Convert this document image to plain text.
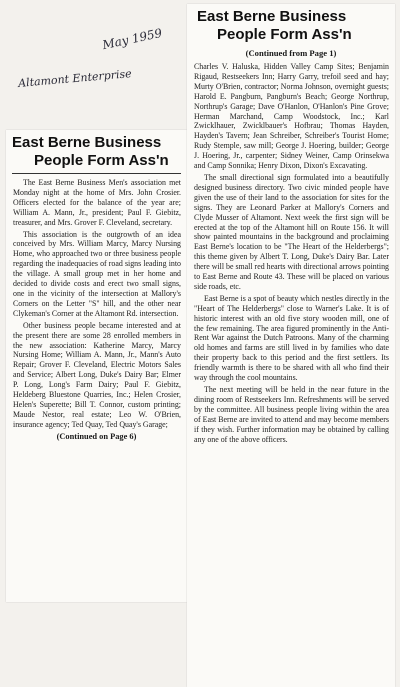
May 1959
Altamont Enterprise
East Berne Business
People Form Ass'n

The East Berne Business Men's association met Monday night at the home of Mrs. John Crosier. Officers elected for the balance of the year are; William A. Mann, Jr., president; Paul F. Giebitz, treasurer, and Mrs. Grover F. Cleveland, secretary.

This association is the outgrowth of an idea conceived by Mrs. William Marcy, Marcy Nursing Home, who approached two or three business people regarding the inadequacies of road signs leading into the village. A small group met in her home and decided to divide costs and erect two small signs, one in the vicinity of the intersection at Mallory's Corners on the Letter "S" hill, and the other near Clykeman's Corner at the Altamont Rd. intersection.

Other business people became interested and at the present there are some 28 enrolled members in the new association: Katherine Marcy, Marcy Nursing Home; William A. Mann, Jr., Mann's Auto Repair; Grover F. Cleveland, Electric Motors Sales and Service; Albert Long, Duke's Dairy Bar; Elmer P. Long, Long's Farm Dairy; Paul F. Giebitz, Heldeberg Bluestone Quarries, Inc.; Helen Crosier, Helen's Superette; Bill T. Connor, custom printing; Maude Nestor, real estate; Leo W. O'Brien, insurance agency; Ted Quay, Ted Quay's Garage;

(Continued on Page 6)
East Berne Business
People Form Ass'n
(Continued from Page 1)

Charles V. Haluska, Hidden Valley Camp Sites; Benjamin Rigaud, Restseekers Inn; Harry Garry, trefoil seed and hay; Murty O'Brien, contractor; Norma Johnson, overnight guests; Harold E. Pangburn, Pangburn's Beach; George Northrup, Northrup's Garage; Dave O'Hanlon, O'Hanlon's Pine Grove; Herman Marchand, Camp Woodstock, Inc.; Karl Zwicklhauer, Zwicklbauer's Hofbrau; Thomas Hayden, Hayden's Tavern; Jean Schreiber, Schreiber's Tourist Home; Rudy Stemple, saw mill; George J. Hoering, builder; George J. Hoering, Jr., carpenter; Sidney Weiner, Camp Orinsekwa and Camp Sonnika; Henry Dixon, Dixon's Excavating.

The small directional sign formulated into a beautifully designed business directory. Two civic minded people have given the use of their land to the association for sites for the signs. They are Leonard Parker at Mallory's Corners and Clyde Musser of Altamont. Next week the first sign will be erected at the top of the Altamont hill on Route 156. It will show painted mountains in the background and proclaiming East Berne's location to be "The Heart of the Helderbergs"; this theme given by Albert T. Long, Duke's Dairy Bar. Later there will be small red hearts with directional arrows pointing to East Berne and Route 43. These will be placed on various side roads, etc.

East Berne is a spot of beauty which nestles directly in the "Heart of The Helderbergs" close to Warner's Lake. It is of historic interest with an old five story wooden mill, one of the few remaining. The area figured prominently in the Anti-Rent War against the Dutch Patroons. Many of the charming old homes and farms are still lived in by families who date their property back to this period and the first settlers. Its friendly warmth is there to be shared with all who find their way through the cool mountains.

The next meeting will be held in the near future in the dining room of Restseekers Inn. Refreshments will be served by the committee. All business people living within the area of East Berne are invited to attend and may become members if they wish. Further information may be obtained by calling any one of the above officers.
